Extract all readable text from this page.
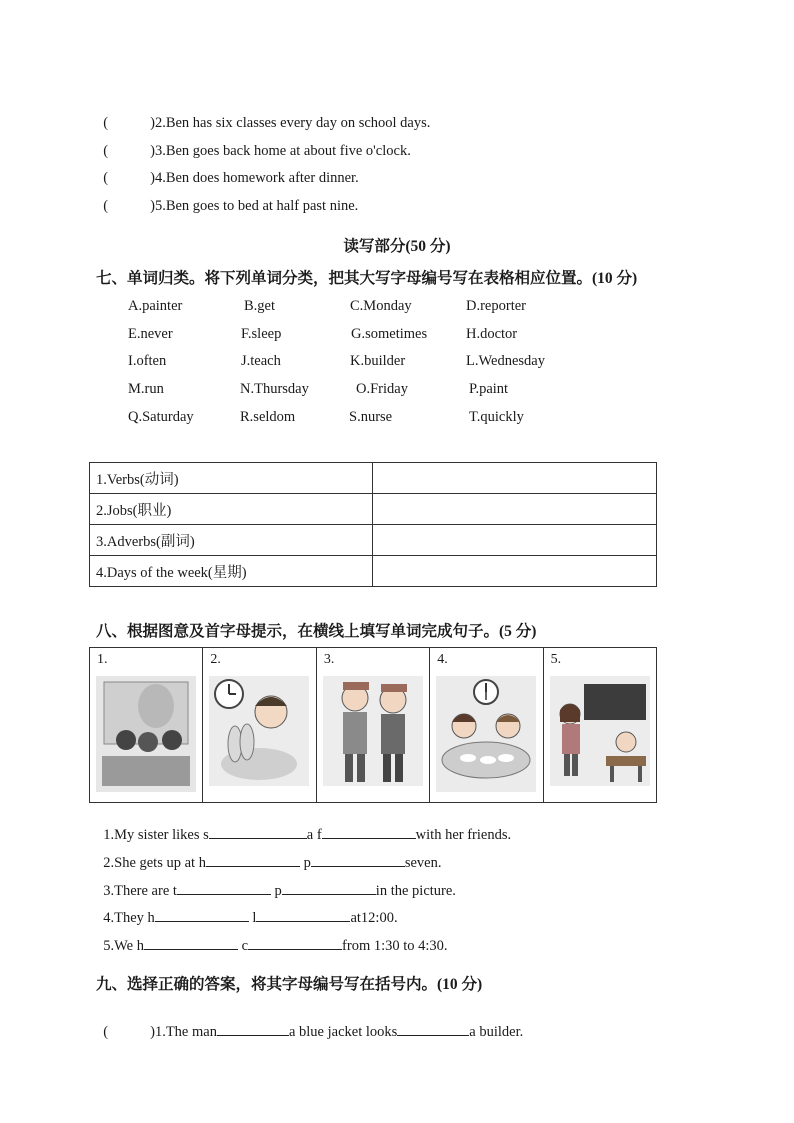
(	)2.Ben has six classes every day on school days.

(	)3.Ben goes back home at about five o'clock.

(	)4.Ben does homework after dinner.

(	)5.Ben goes to bed at half past nine.

读写部分(50 分)
七、单词归类。将下列单词分类，把其大写字母编号写在表格相应位置。(10 分)
A.painter	B.get	C.Monday	D.reporter
E.never	F.sleep	G.sometimes	H.doctor
I.often	J.teach	K.builder	L.Wednesday
M.run	N.Thursday	O.Friday	P.paint
Q.Saturday	R.seldom	S.nurse	T.quickly
1.Verbs(动词)	
2.Jobs(职业)	
3.Adverbs(副词)	
4.Days of the week(星期)	
八、根据图意及首字母提示，在横线上填写单词完成句子。(5 分)
1.	2.	3.	4.	5.

1.My sister likes s	a f	with her friends.

2.She gets up at h	p	seven.

3.There are t	p	in the picture.

4.They h	l	at12:00.

5.We h	c	from 1:30 to 4:30.

九、选择正确的答案，将其字母编号写在括号内。(10 分)

(	)1.The man	a blue jacket looks	a builder.
